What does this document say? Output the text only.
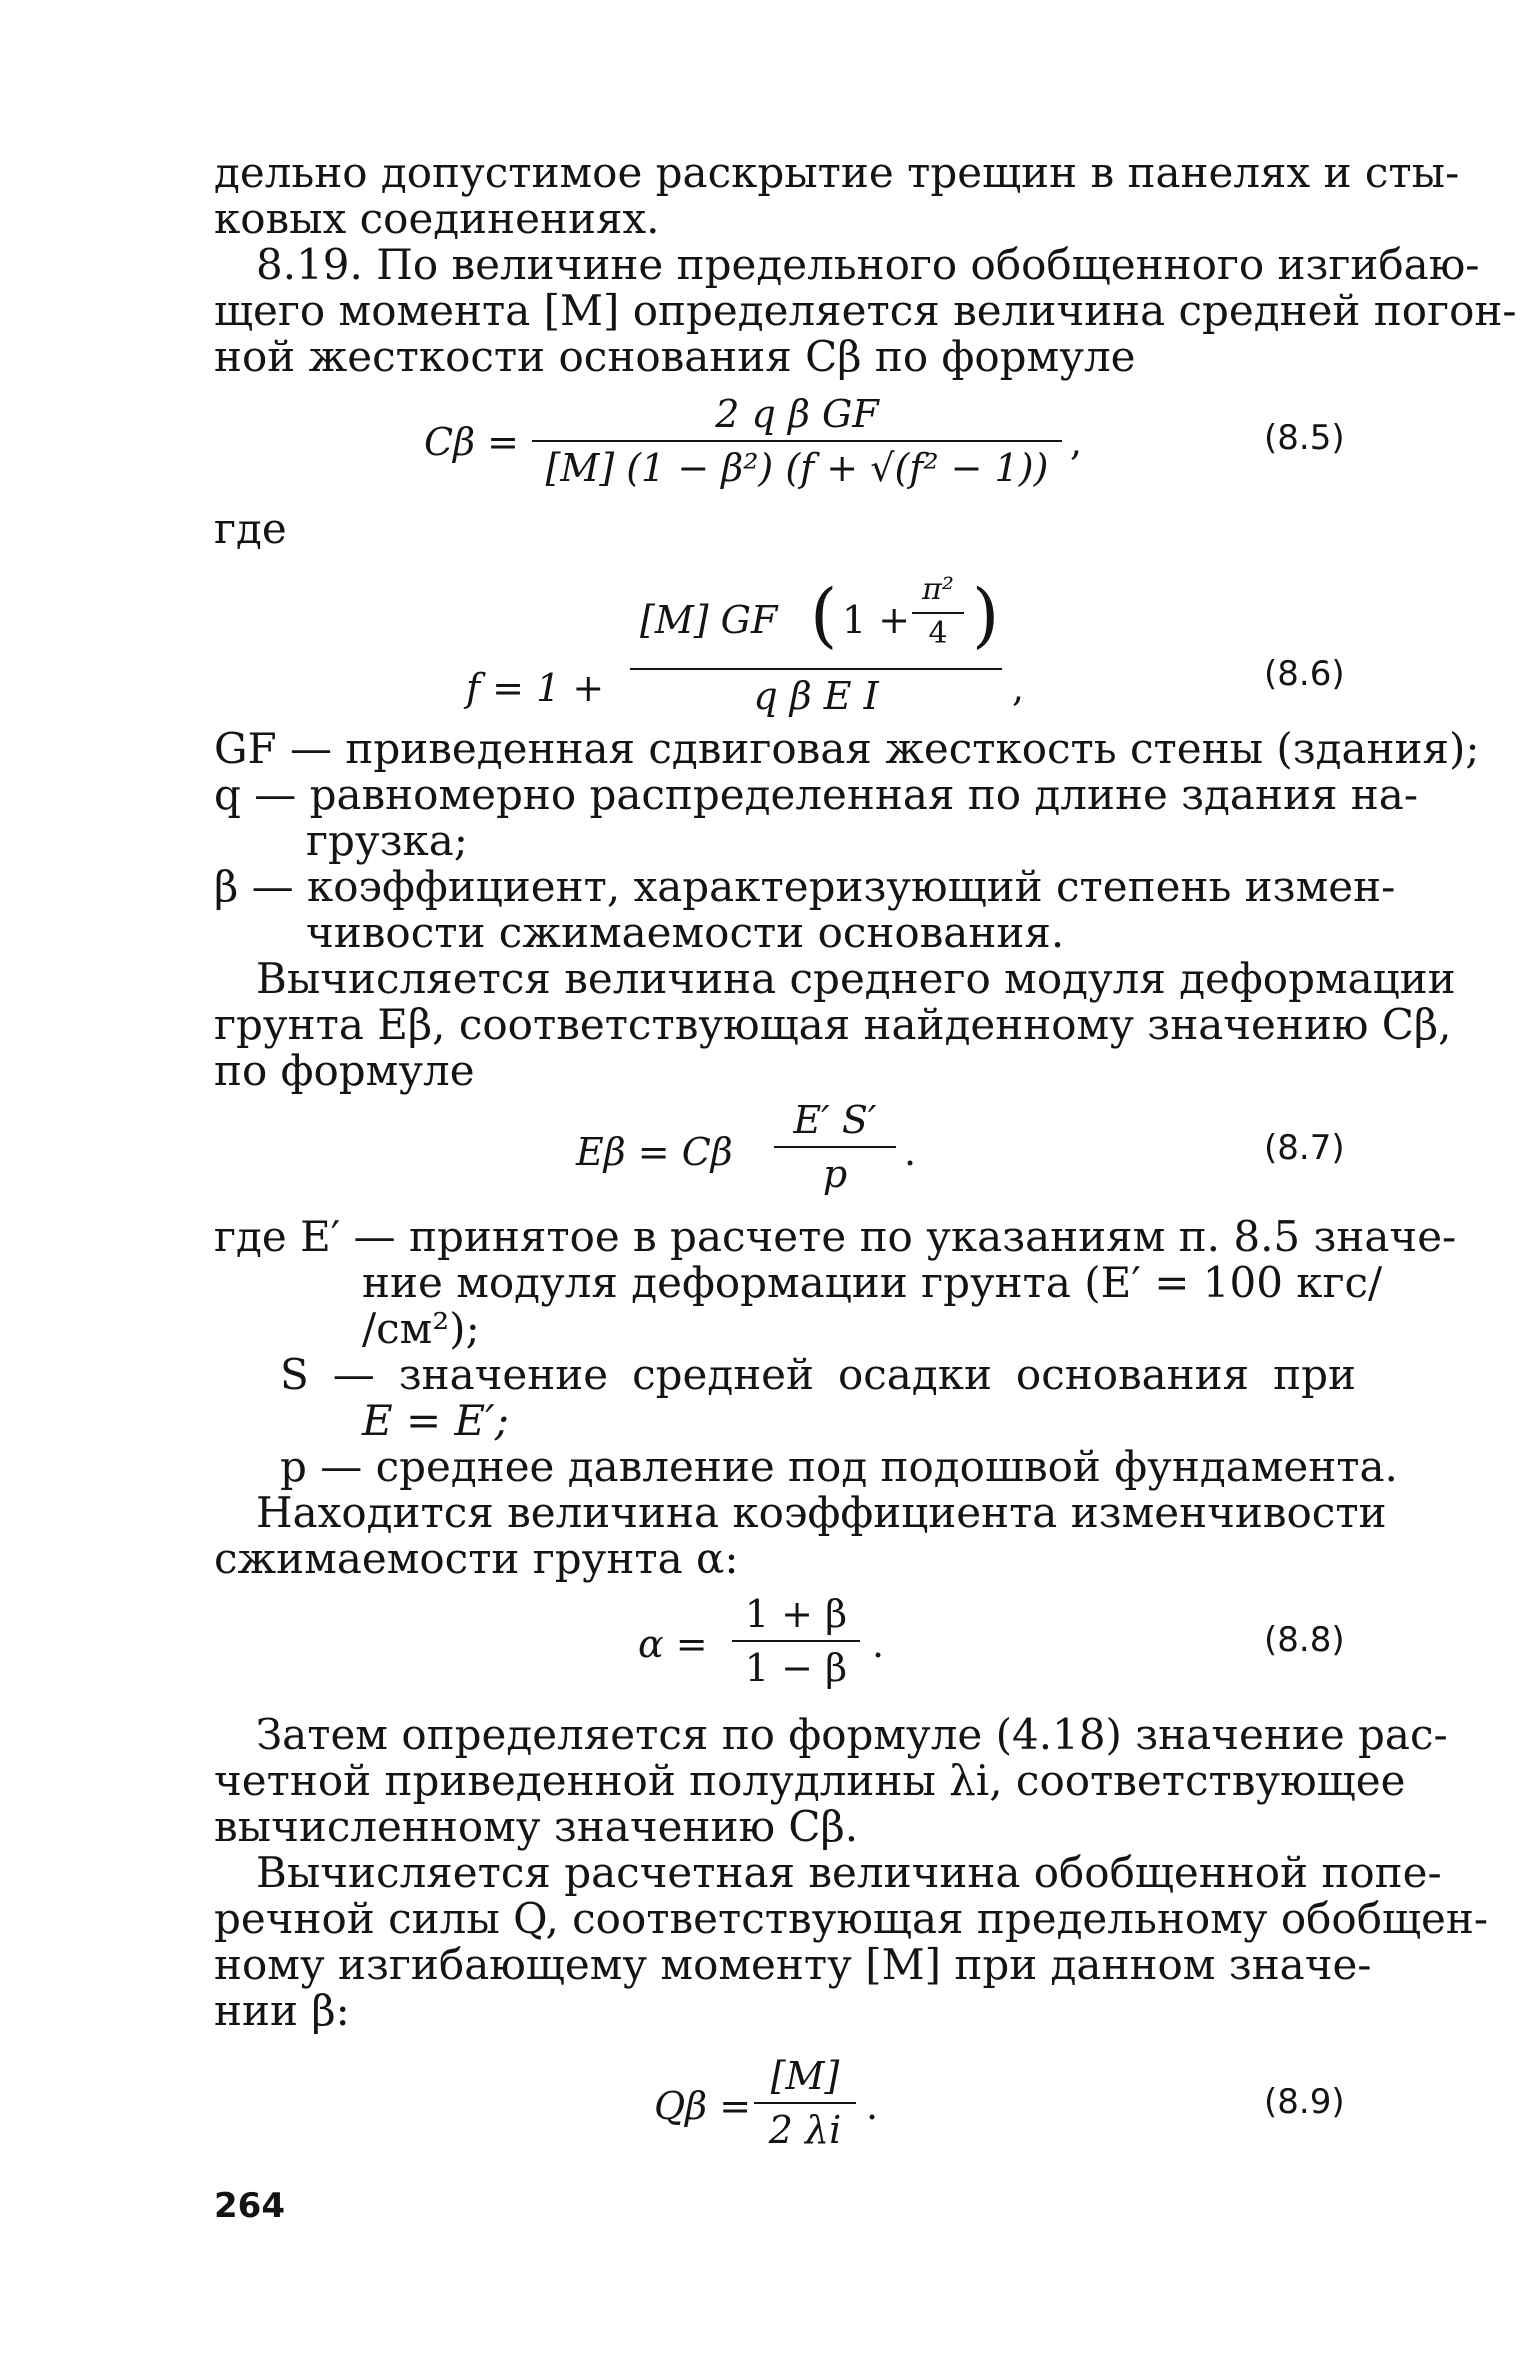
дельно допустимое раскрытие трещин в панелях и сты-
ковых соединениях.
8.19. По величине предельного обобщенного изгибаю-
щего момента [M] определяется величина средней погон-
ной жесткости основания Cβ по формуле
Cβ =
2 q β GF
[M] (1 − β²) (f + √(f² − 1))
,	(8.5)
где
f = 1 +
[M] GF ( 1 +
π²
4 )
q β E I	,	(8.6)
GF — приведенная сдвиговая жесткость стены (здания);
q — равномерно распределенная по длине здания на-
грузка;
β — коэффициент, характеризующий степень измен-
чивости сжимаемости основания.
Вычисляется величина среднего модуля деформации
грунта Eβ, соответствующая найденному значению Cβ,
по формуле
Eβ = Cβ
E′ S′
p	.	(8.7)
где E′ — принятое в расчете по указаниям п. 8.5 значе-
ние модуля деформации грунта (E′ = 100 кгс/
/см²);
S — значение средней осадки основания при
E = E′;
p — среднее давление под подошвой фундамента.
Находится величина коэффициента изменчивости
сжимаемости грунта α:
α =
1 + β
1 − β
.	(8.8)
Затем определяется по формуле (4.18) значение рас-
четной приведенной полудлины λi, соответствующее
вычисленному значению Cβ.
Вычисляется расчетная величина обобщенной попе-
речной силы Q, соответствующая предельному обобщен-
ному изгибающему моменту [M] при данном значе-
нии β:
Qβ =
[M]
2 λi
.	(8.9)
264
